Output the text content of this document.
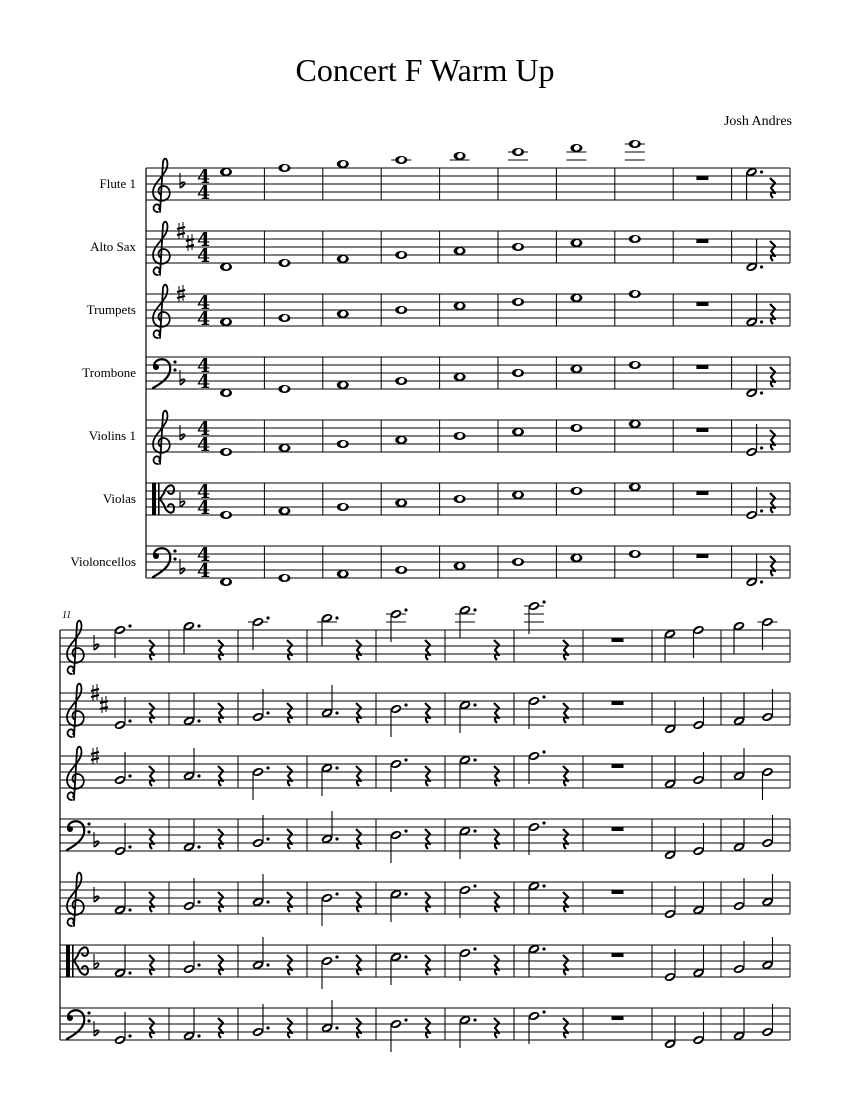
Concert F Warm Up
Josh Andres
Flute 1	4
4
Alto Sax	4
4
Trumpets	4
4
Trombone	4
4
Violins 1	4
4
Violas	4
4
Violoncellos	4
4
11
